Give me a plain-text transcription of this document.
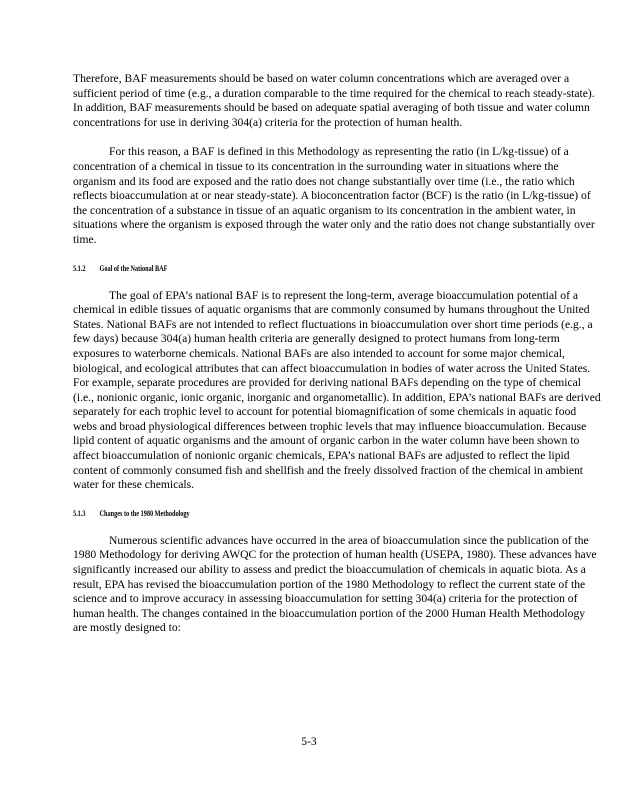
Therefore, BAF measurements should be based on water column concentrations which are averaged over a sufficient period of time (e.g., a duration comparable to the time required for the chemical to reach steady-state). In addition, BAF measurements should be based on adequate spatial averaging of both tissue and water column concentrations for use in deriving 304(a) criteria for the protection of human health.

For this reason, a BAF is defined in this Methodology as representing the ratio (in L/kg-tissue) of a concentration of a chemical in tissue to its concentration in the surrounding water in situations where the organism and its food are exposed and the ratio does not change substantially over time (i.e., the ratio which reflects bioaccumulation at or near steady-state). A bioconcentration factor (BCF) is the ratio (in L/kg-tissue) of the concentration of a substance in tissue of an aquatic organism to its concentration in the ambient water, in situations where the organism is exposed through the water only and the ratio does not change substantially over time.

5.1.2 Goal of the National BAF

The goal of EPA’s national BAF is to represent the long-term, average bioaccumulation potential of a chemical in edible tissues of aquatic organisms that are commonly consumed by humans throughout the United States. National BAFs are not intended to reflect fluctuations in bioaccumulation over short time periods (e.g., a few days) because 304(a) human health criteria are generally designed to protect humans from long-term exposures to waterborne chemicals. National BAFs are also intended to account for some major chemical, biological, and ecological attributes that can affect bioaccumulation in bodies of water across the United States. For example, separate procedures are provided for deriving national BAFs depending on the type of chemical (i.e., nonionic organic, ionic organic, inorganic and organometallic). In addition, EPA’s national BAFs are derived separately for each trophic level to account for potential biomagnification of some chemicals in aquatic food webs and broad physiological differences between trophic levels that may influence bioaccumulation. Because lipid content of aquatic organisms and the amount of organic carbon in the water column have been shown to affect bioaccumulation of nonionic organic chemicals, EPA’s national BAFs are adjusted to reflect the lipid content of commonly consumed fish and shellfish and the freely dissolved fraction of the chemical in ambient water for these chemicals.

5.1.3 Changes to the 1980 Methodology

Numerous scientific advances have occurred in the area of bioaccumulation since the publication of the 1980 Methodology for deriving AWQC for the protection of human health (USEPA, 1980). These advances have significantly increased our ability to assess and predict the bioaccumulation of chemicals in aquatic biota. As a result, EPA has revised the bioaccumulation portion of the 1980 Methodology to reflect the current state of the science and to improve accuracy in assessing bioaccumulation for setting 304(a) criteria for the protection of human health. The changes contained in the bioaccumulation portion of the 2000 Human Health Methodology are mostly designed to:

5-3
